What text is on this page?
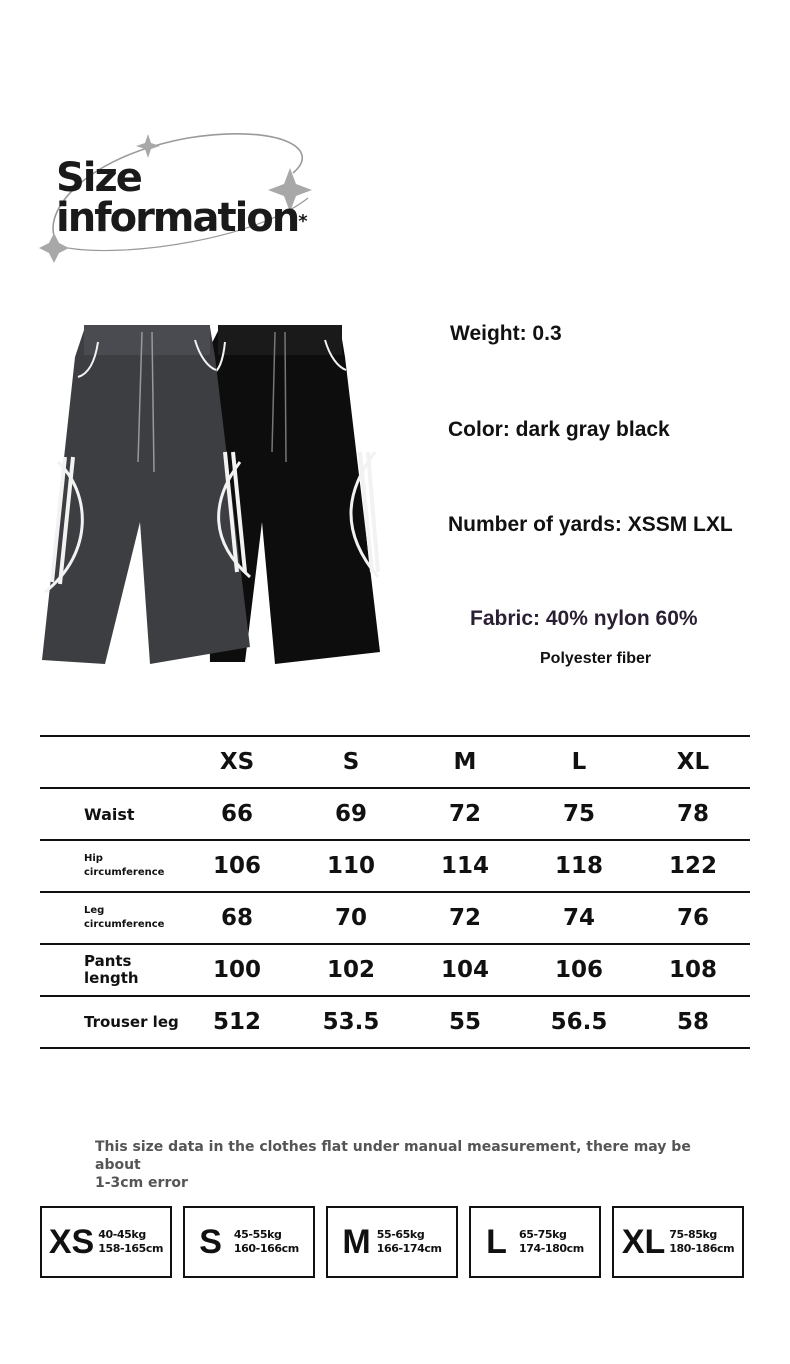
Size
information*
Weight: 0.3
Color: dark gray black
Number of yards: XSSM LXL
Fabric: 40% nylon 60%
Polyester fiber
	XS	S	M	L	XL
Waist	66	69	72	75	78

Hip
circumference	106	110	114	118	122

Leg
circumference	68	70	72	74	76

Pants
length	100	102	104	106	108
Trouser leg	512	53.5	55	56.5	58
This size data in the clothes flat under manual measurement, there may be about
1-3cm error
XS 40-45kg
158-165cm S 45-55kg
160-166cm M 55-65kg
166-174cm L 65-75kg
174-180cm XL 75-85kg
180-186cm
